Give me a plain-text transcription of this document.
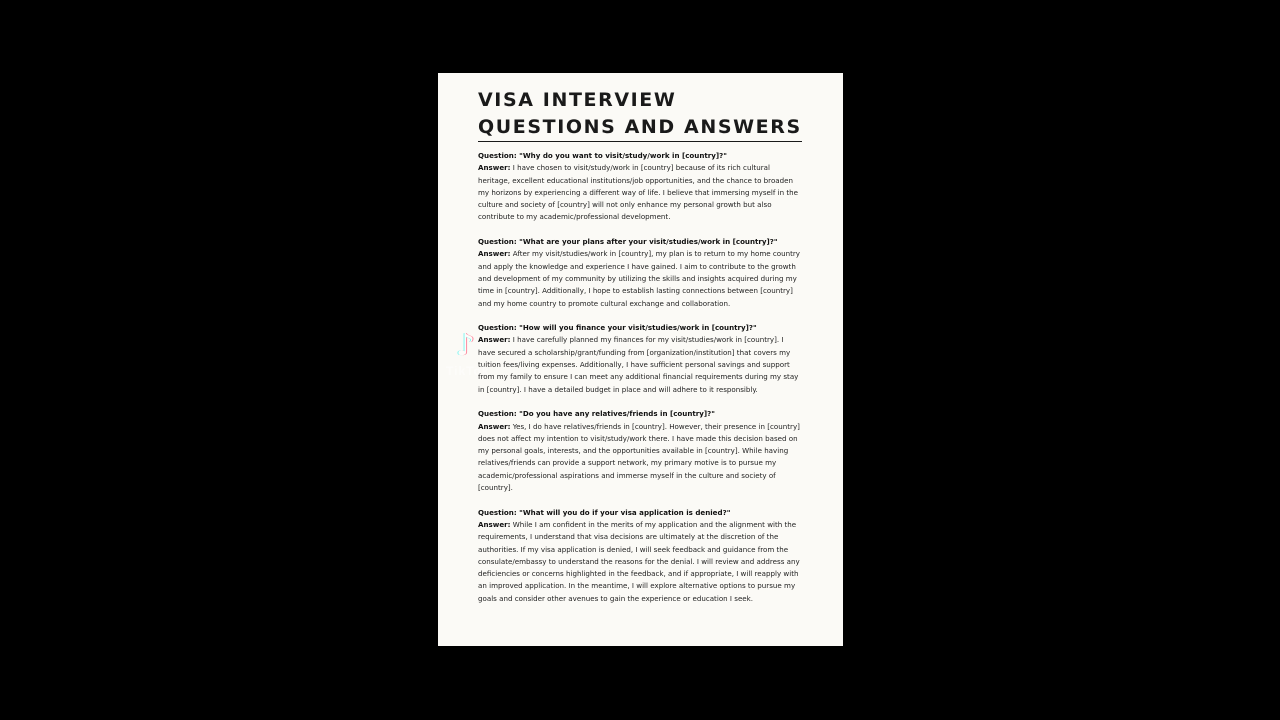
VISA INTERVIEW
QUESTIONS AND ANSWERS
Question: "Why do you want to visit/study/work in [country]?"
Answer: I have chosen to visit/study/work in [country] because of its rich cultural heritage, excellent educational institutions/job opportunities, and the chance to broaden my horizons by experiencing a different way of life. I believe that immersing myself in the culture and society of [country] will not only enhance my personal growth but also contribute to my academic/professional development.
Question: "What are your plans after your visit/studies/work in [country]?"
Answer: After my visit/studies/work in [country], my plan is to return to my home country and apply the knowledge and experience I have gained. I aim to contribute to the growth and development of my community by utilizing the skills and insights acquired during my time in [country]. Additionally, I hope to establish lasting connections between [country] and my home country to promote cultural exchange and collaboration.
Question: "How will you finance your visit/studies/work in [country]?"
Answer: I have carefully planned my finances for my visit/studies/work in [country]. I have secured a scholarship/grant/funding from [organization/institution] that covers my tuition fees/living expenses. Additionally, I have sufficient personal savings and support from my family to ensure I can meet any additional financial requirements during my stay in [country]. I have a detailed budget in place and will adhere to it responsibly.
Question: "Do you have any relatives/friends in [country]?"
Answer: Yes, I do have relatives/friends in [country]. However, their presence in [country] does not affect my intention to visit/study/work there. I have made this decision based on my personal goals, interests, and the opportunities available in [country]. While having relatives/friends can provide a support network, my primary motive is to pursue my academic/professional aspirations and immerse myself in the culture and society of [country].
Question: "What will you do if your visa application is denied?"
Answer: While I am confident in the merits of my application and the alignment with the requirements, I understand that visa decisions are ultimately at the discretion of the authorities. If my visa application is denied, I will seek feedback and guidance from the consulate/embassy to understand the reasons for the denial. I will review and address any deficiencies or concerns highlighted in the feedback, and if appropriate, I will reapply with an improved application. In the meantime, I will explore alternative options to pursue my goals and consider other avenues to gain the experience or education I seek.
♪
TikTok
